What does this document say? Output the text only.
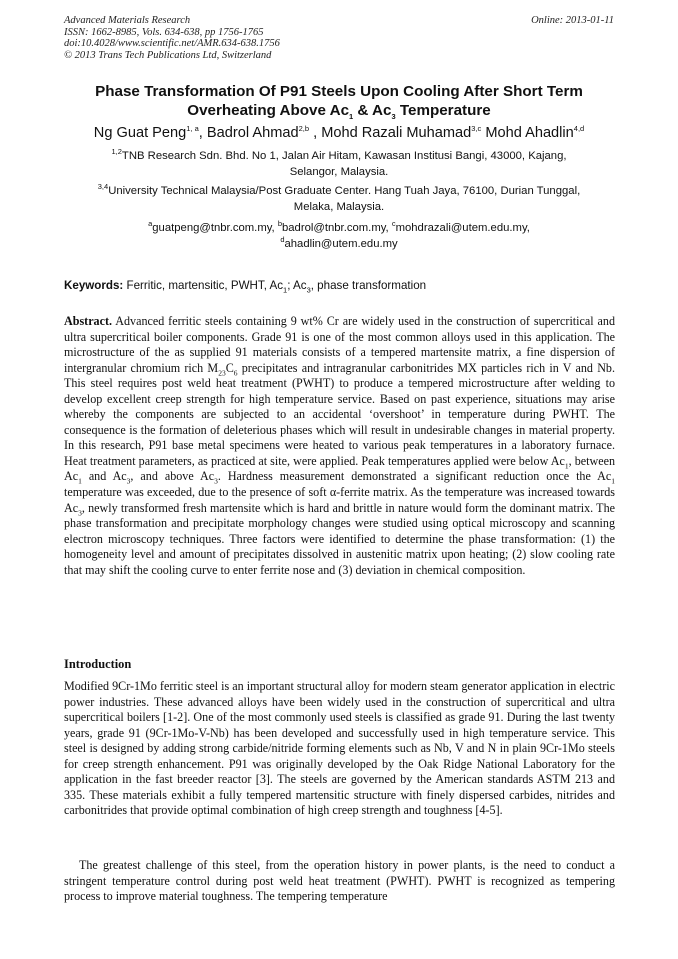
Advanced Materials Research	Online: 2013-01-11
ISSN: 1662-8985, Vols. 634-638, pp 1756-1765
doi:10.4028/www.scientific.net/AMR.634-638.1756
© 2013 Trans Tech Publications Ltd, Switzerland
Phase Transformation Of P91 Steels Upon Cooling After Short Term
Overheating Above $Ac_1$ & $Ac_3$ Temperature
Ng Guat Peng$^{1, a}$, Badrol Ahmad$^{2,b}$ , Mohd Razali Muhamad$^{3,c}$ Mohd Ahadlin$^{4,d}$
$^{1,2}$TNB Research Sdn. Bhd. No 1, Jalan Air Hitam, Kawasan Institusi Bangi, 43000, Kajang,
Selangor, Malaysia.
$^{3,4}$University Technical Malaysia/Post Graduate Center. Hang Tuah Jaya, 76100, Durian Tunggal,
Melaka, Malaysia.
$^a$guatpeng@tnbr.com.my, $^b$badrol@tnbr.com.my, $^c$mohdrazali@utem.edu.my,
$^d$ahadlin@utem.edu.my
Keywords: Ferritic, martensitic, PWHT, $Ac_1$; $Ac_3$, phase transformation
Abstract. Advanced ferritic steels containing 9 wt% Cr are widely used in the construction of supercritical and ultra supercritical boiler components. Grade 91 is one of the most common alloys used in this application. The microstructure of the as supplied 91 materials consists of a tempered martensite matrix, a fine dispersion of intergranular chromium rich $M_{23}C_6$ precipitates and intragranular carbonitrides MX particles rich in V and Nb. This steel requires post weld heat treatment (PWHT) to produce a tempered microstructure after welding to develop excellent creep strength for high temperature service. Based on past experience, situations may arise whereby the components are subjected to an accidental ‘overshoot’ in temperature during PWHT. The consequence is the formation of deleterious phases which will result in undesirable changes in material property. In this research, P91 base metal specimens were heated to various peak temperatures in a laboratory furnace. Heat treatment parameters, as practiced at site, were applied. Peak temperatures applied were below $Ac_1$, between $Ac_1$ and $Ac_3$, and above $Ac_3$. Hardness measurement demonstrated a significant reduction once the $Ac_1$ temperature was exceeded, due to the presence of soft α-ferrite matrix. As the temperature was increased towards $Ac_3$, newly transformed fresh martensite which is hard and brittle in nature would form the dominant matrix. The phase transformation and precipitate morphology changes were studied using optical microscopy and scanning electron microscopy techniques. Three factors were identified to determine the phase transformation: (1) the homogeneity level and amount of precipitates dissolved in austenitic matrix upon heating; (2) slow cooling rate that may shift the cooling curve to enter ferrite nose and (3) deviation in chemical composition.
Introduction
Modified 9Cr-1Mo ferritic steel is an important structural alloy for modern steam generator application in electric power industries. These advanced alloys have been widely used in the construction of supercritical and ultra supercritical boilers [1-2]. One of the most commonly used steels is classified as grade 91. During the last twenty years, grade 91 (9Cr-1Mo-V-Nb) has been developed and successfully used in high temperature service. This steel is designed by adding strong carbide/nitride forming elements such as Nb, V and N in plain 9Cr-1Mo steels for creep strength enhancement. P91 was originally developed by the Oak Ridge National Laboratory for the application in the fast breeder reactor [3]. The steels are governed by the American standards ASTM 213 and 335. These materials exhibit a fully tempered martensitic structure with finely dispersed carbides, nitrides and carbonitrides that provide optimal combination of high creep strength and toughness [4-5].
The greatest challenge of this steel, from the operation history in power plants, is the need to conduct a stringent temperature control during post weld heat treatment (PWHT). PWHT is recognized as tempering process to improve material toughness. The tempering temperature
